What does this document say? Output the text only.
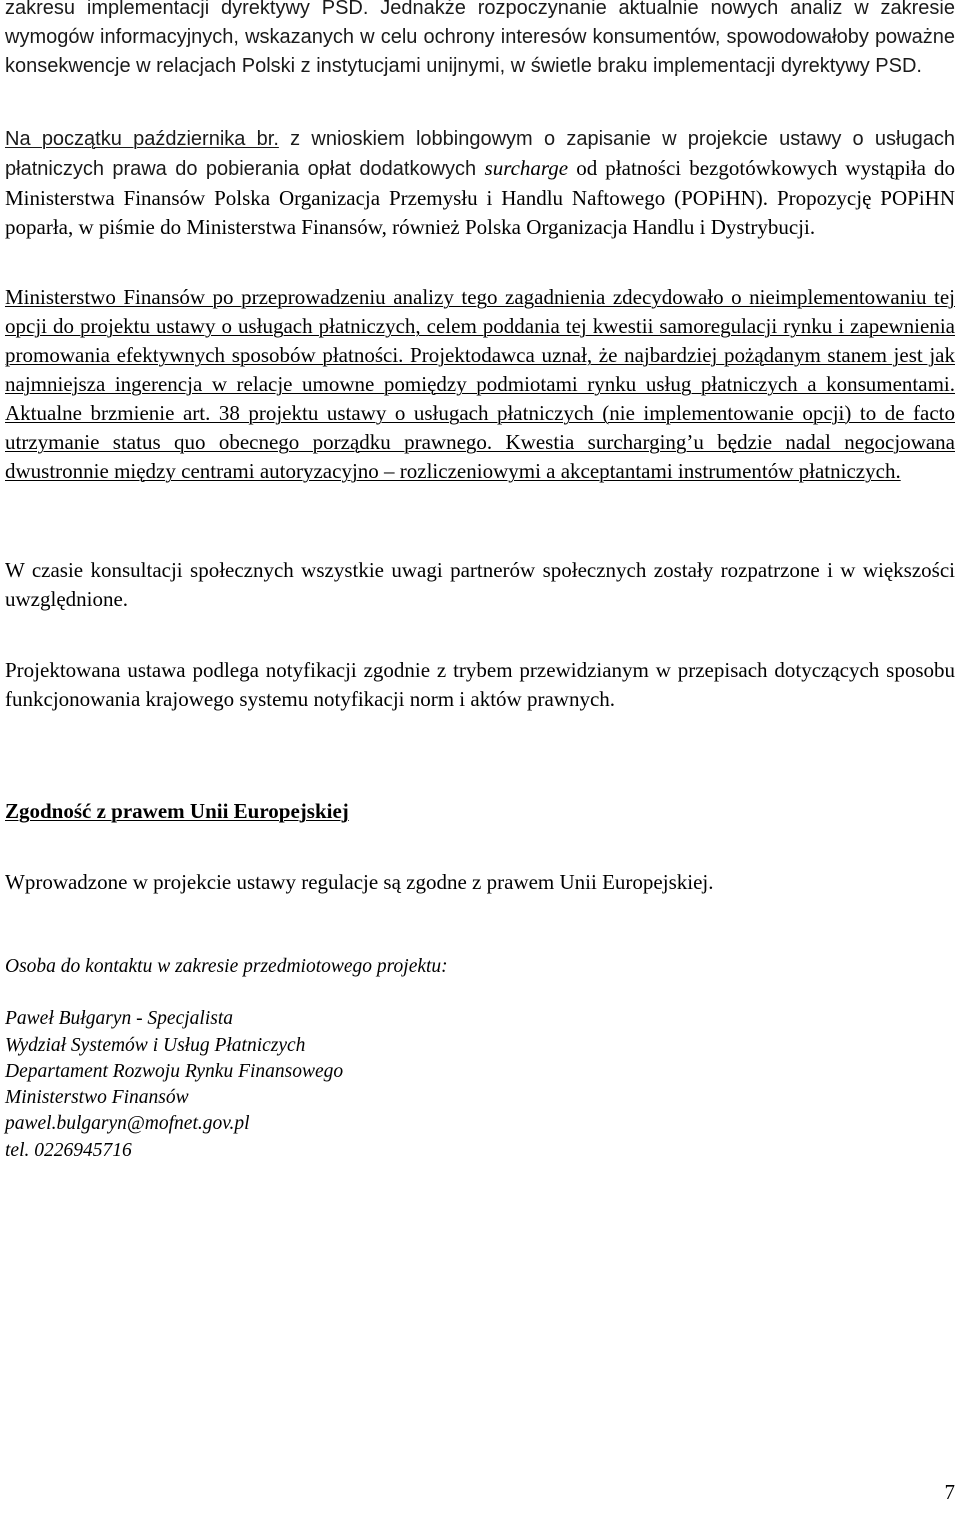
zakresu implementacji dyrektywy PSD. Jednakże rozpoczynanie aktualnie nowych analiz w zakresie wymogów informacyjnych, wskazanych w celu ochrony interesów konsumentów, spowodowałoby poważne konsekwencje w relacjach Polski z instytucjami unijnymi, w świetle braku implementacji dyrektywy PSD.

Na początku października br. z wnioskiem lobbingowym o zapisanie w projekcie ustawy o usługach płatniczych prawa do pobierania opłat dodatkowych surcharge od płatności bezgotówkowych wystąpiła do Ministerstwa Finansów Polska Organizacja Przemysłu i Handlu Naftowego (POPiHN). Propozycję POPiHN poparła, w piśmie do Ministerstwa Finansów, również Polska Organizacja Handlu i Dystrybucji.

Ministerstwo Finansów po przeprowadzeniu analizy tego zagadnienia zdecydowało o nieimplementowaniu tej opcji do projektu ustawy o usługach płatniczych, celem poddania tej kwestii samoregulacji rynku i zapewnienia promowania efektywnych sposobów płatności. Projektodawca uznał, że najbardziej pożądanym stanem jest jak najmniejsza ingerencja w relacje umowne pomiędzy podmiotami rynku usług płatniczych a konsumentami. Aktualne brzmienie art. 38 projektu ustawy o usługach płatniczych (nie implementowanie opcji) to de facto utrzymanie status quo obecnego porządku prawnego. Kwestia surcharging’u będzie nadal negocjowana dwustronnie między centrami autoryzacyjno – rozliczeniowymi a akceptantami instrumentów płatniczych.

W czasie konsultacji społecznych wszystkie uwagi partnerów społecznych zostały rozpatrzone i w większości uwzględnione.

Projektowana ustawa podlega notyfikacji zgodnie z trybem przewidzianym w przepisach dotyczących sposobu funkcjonowania krajowego systemu notyfikacji norm i aktów prawnych.

Zgodność z prawem Unii Europejskiej

Wprowadzone w projekcie ustawy regulacje są zgodne z prawem Unii Europejskiej.

Osoba do kontaktu w zakresie przedmiotowego projektu:

Paweł Bułgaryn - Specjalista

Wydział Systemów i Usług Płatniczych

Departament Rozwoju Rynku Finansowego

Ministerstwo Finansów

pawel.bulgaryn@mofnet.gov.pl

tel. 0226945716

7
